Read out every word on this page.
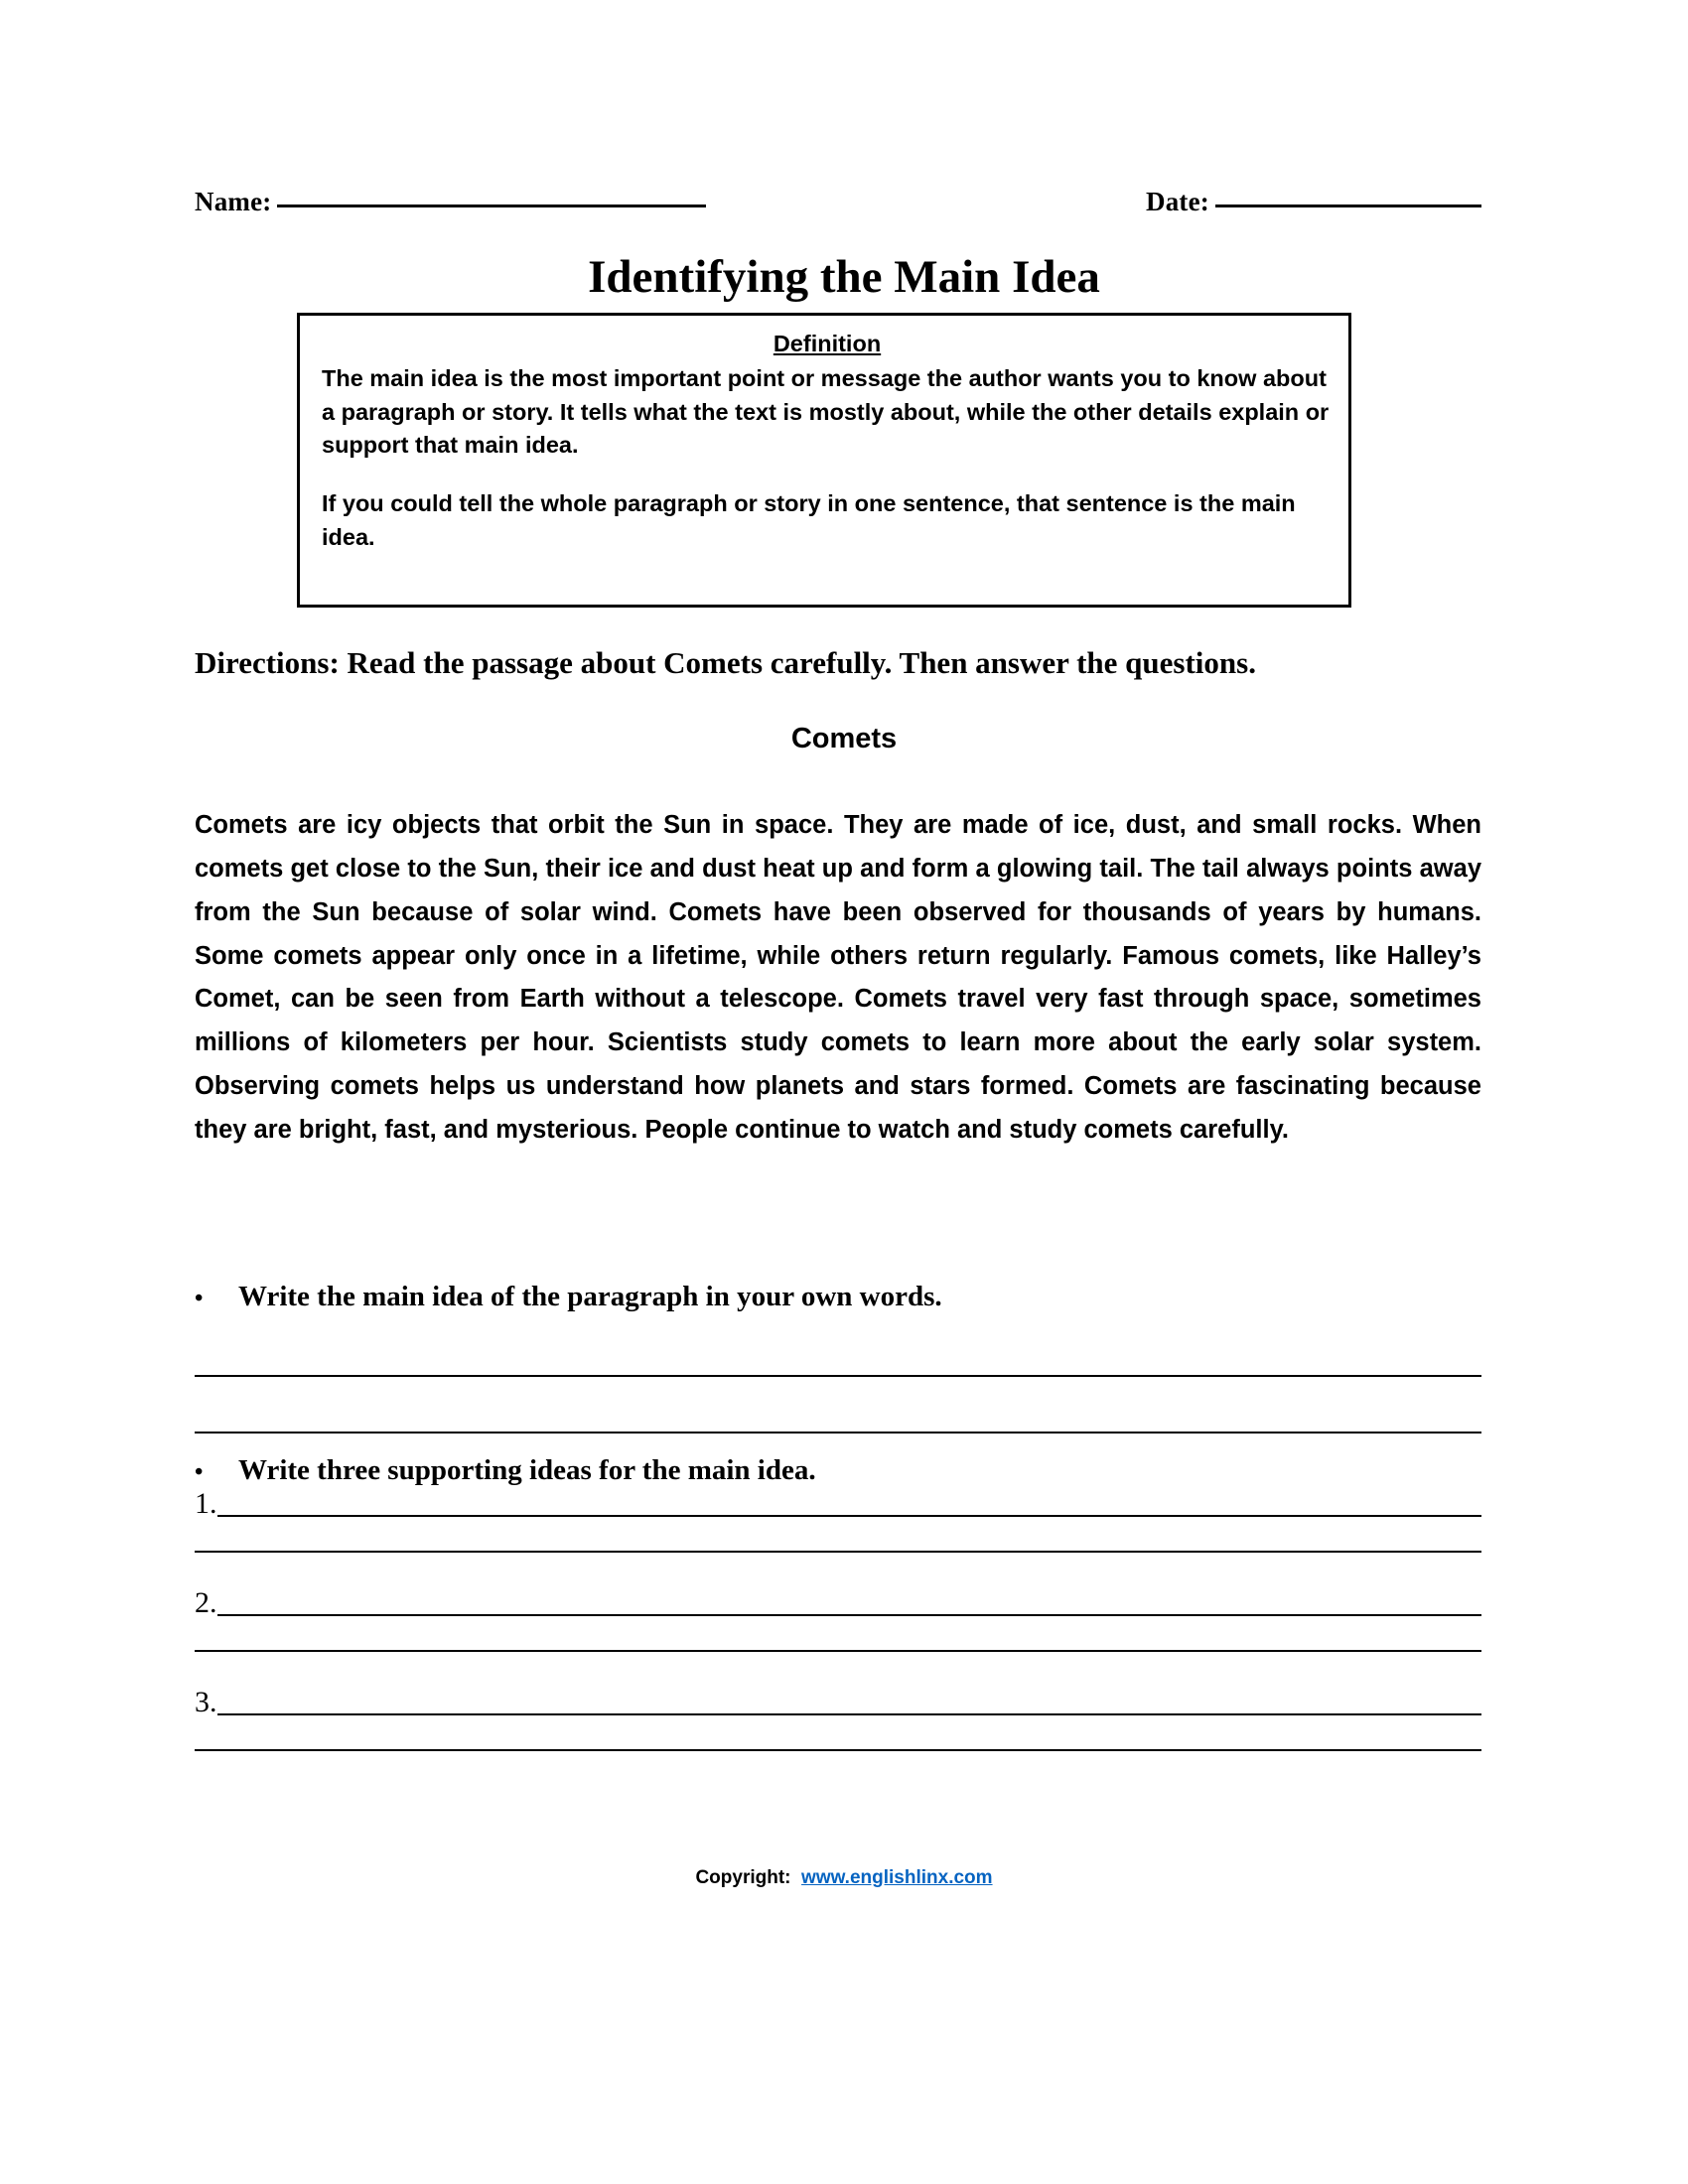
Name:	Date:
Identifying the Main Idea
Definition

The main idea is the most important point or message the author wants you to know about a paragraph or story. It tells what the text is mostly about, while the other details explain or support that main idea.

If you could tell the whole paragraph or story in one sentence, that sentence is the main idea.

Directions: Read the passage about Comets carefully. Then answer the questions.
Comets
Comets are icy objects that orbit the Sun in space. They are made of ice, dust, and small rocks. When comets get close to the Sun, their ice and dust heat up and form a glowing tail. The tail always points away from the Sun because of solar wind. Comets have been observed for thousands of years by humans. Some comets appear only once in a lifetime, while others return regularly. Famous comets, like Halley’s Comet, can be seen from Earth without a telescope. Comets travel very fast through space, sometimes millions of kilometers per hour. Scientists study comets to learn more about the early solar system. Observing comets helps us understand how planets and stars formed. Comets are fascinating because they are bright, fast, and mysterious. People continue to watch and study comets carefully.
•	Write the main idea of the paragraph in your own words.
•	Write three supporting ideas for the main idea.
1.
2.
3.
Copyright: www.englishlinx.com
